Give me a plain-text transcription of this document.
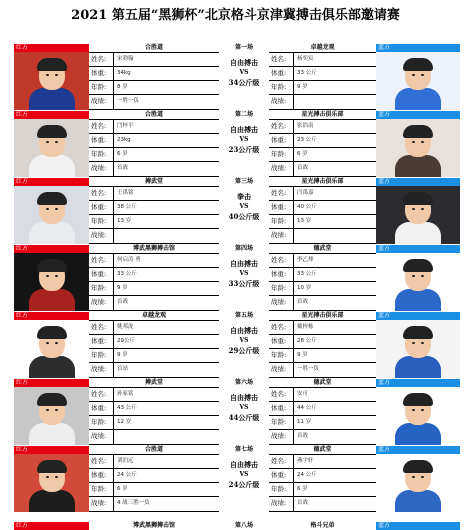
2021 第五届“黑狮杯”北京格斗京津冀搏击俱乐部邀请赛
红方	合胜道	第一场	卓越龙观	蓝方
姓名:	宋勃翰
体重:	34kg
年龄:	8 岁
战绩:	一胜一负
自由搏击
VS
34公斤级
姓名:	杨奕宸
体重:	33 公斤
年龄:	9 岁
战绩:
红方	合胜道	第二场	星光搏击俱乐部	蓝方
姓名:	闫梓平
体重:	23kg
年龄:	6 岁
战绩:	首战
自由搏击
VS
23公斤级
姓名:	张浩南
体重:	23 公斤
年龄:	6 岁
战绩:	首战
红方	搏武堂	第三场	星光搏击俱乐部	蓝方
姓名:	王禹铭
体重:	38 公斤
年龄:	13 岁
战绩:
拳击
VS
40公斤级
姓名:	闫禹嘉
体重:	40 公斤
年龄:	13 岁
战绩:
红方	博武黑狮搏击馆	第四场	德武堂	蓝方
姓名:	何启涛 勇
体重:	33 公斤
年龄:	9 岁
战绩:	首战
自由搏击
VS
33公斤级
姓名:	李乙烽
体重:	33 公斤
年龄:	10 岁
战绩:	首战
红方	卓越龙观	第五场	星光搏击俱乐部	蓝方
姓名:	姚邦泷
体重:	29公斤
年龄:	9 岁
战绩:	首站
自由搏击
VS
29公斤级
姓名:	戴梓栋
体重:	28 公斤
年龄:	9 岁
战绩:	一胜一负
红方	搏武堂	第六场	德武堂	蓝方
姓名:	孙家铭
体重:	43 公斤
年龄:	12 岁
战绩:
自由搏击
VS
44公斤级
姓名:	安可
体重:	44 公斤
年龄:	11 岁
战绩:	首战
红方	合胜道	第七场	德武堂	蓝方
姓名:	刘泊远
体重:	24 公斤
年龄:	6 岁
战绩:	4 战三胜一负
自由搏击
VS
24公斤级
姓名:	燕宇轩
体重:	24 公斤
年龄:	6 岁
战绩:	首战
红方	博武黑狮搏击馆	第八场	格斗兄弟	蓝方
